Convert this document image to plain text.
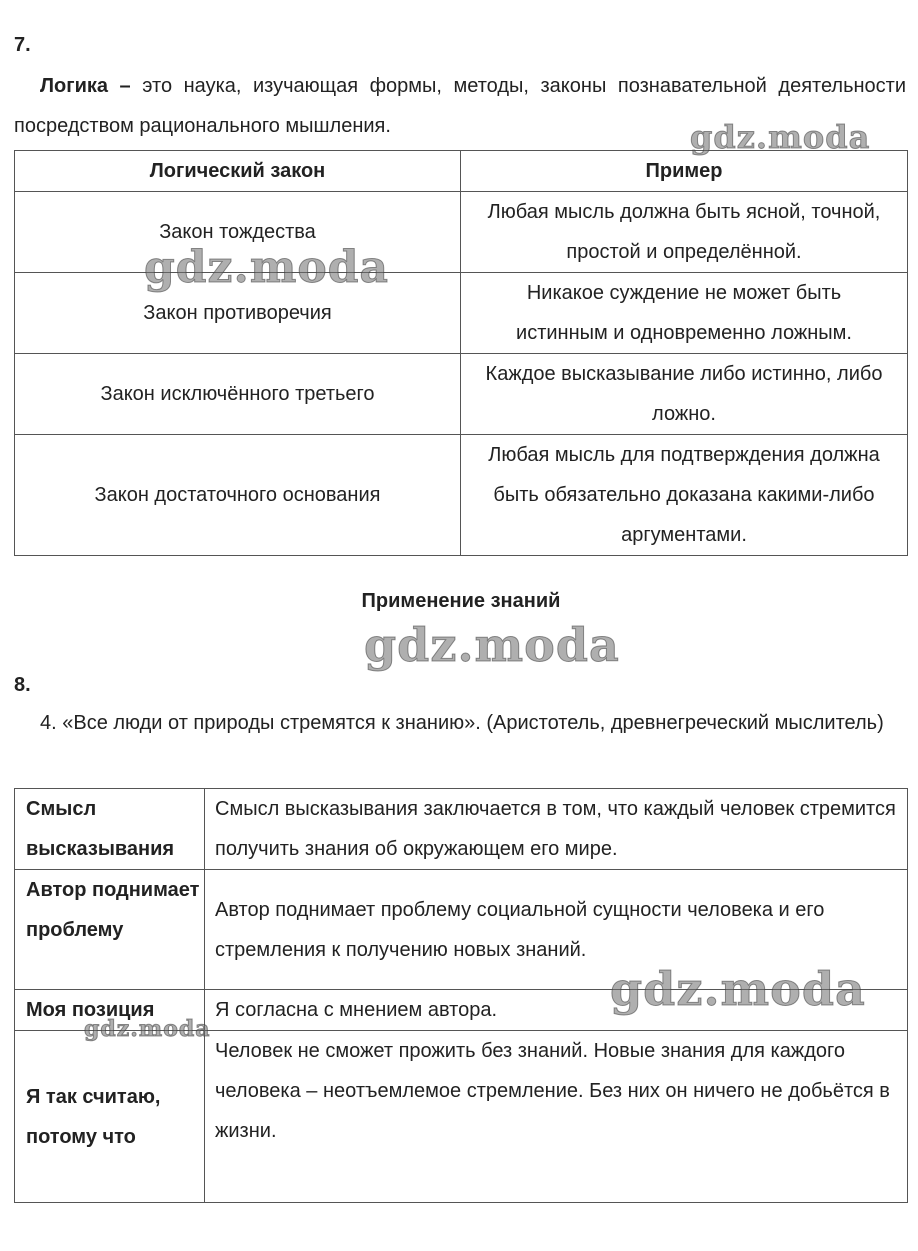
7.
Логика – это наука, изучающая формы, методы, законы познавательной деятельности посредством рационального мышления.
Логический закон	Пример
Закон тождества	Любая мысль должна быть ясной, точной, простой и определённой.
Закон противоречия	Никакое суждение не может быть истинным и одновременно ложным.
Закон исключённого третьего	Каждое высказывание либо истинно, либо ложно.
Закон достаточного основания	Любая мысль для подтверждения должна быть обязательно доказана какими-либо аргументами.
Применение знаний
8.
4. «Все люди от природы стремятся к знанию». (Аристотель, древнегреческий мыслитель)
Смысл высказывания	Смысл высказывания заключается в том, что каждый человек стремится получить знания об окружающем его мире.
Автор поднимает проблему	Автор поднимает проблему социальной сущности человека и его стремления к получению новых знаний.
Моя позиция	Я согласна с мнением автора.
Я так считаю, потому что	Человек не сможет прожить без знаний. Новые знания для каждого человека – неотъемлемое стремление. Без них он ничего не добьётся в жизни.
gdz.moda
gdz.moda
gdz.moda
gdz.moda
gdz.moda
